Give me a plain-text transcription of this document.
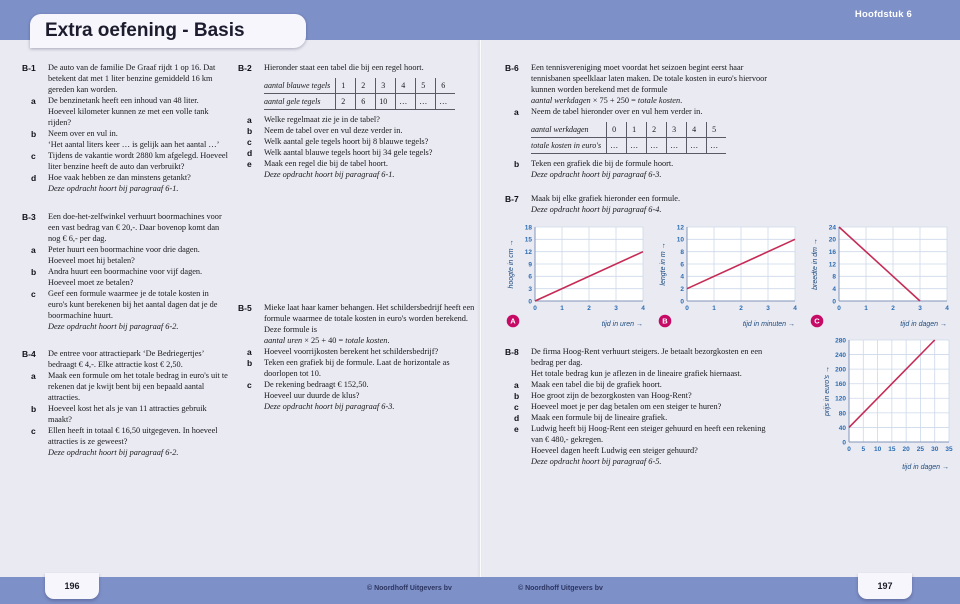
Hoofdstuk 6
Extra oefening - Basis
B-1	De auto van de familie De Graaf rijdt 1 op 16. Dat betekent dat met 1 liter benzine gemiddeld 16 km gereden kan worden.
a	De benzinetank heeft een inhoud van 48 liter. Hoeveel kilometer kunnen ze met een volle tank rijden?
b	Neem over en vul in.
‘Het aantal liters keer … is gelijk aan het aantal …’
c	Tijdens de vakantie wordt 2880 km afgelegd. Hoeveel liter benzine heeft de auto dan verbruikt?
d	Hoe vaak hebben ze dan minstens getankt?
Deze opdracht hoort bij paragraaf 6-1.
B-3	Een doe-het-zelfwinkel verhuurt boormachines voor een vast bedrag van € 20,-. Daar bovenop komt dan nog € 6,- per dag.
a	Peter huurt een boormachine voor drie dagen. Hoeveel moet hij betalen?
b	Andra huurt een boormachine voor vijf dagen. Hoeveel moet ze betalen?
c	Geef een formule waarmee je de totale kosten in euro's kunt berekenen bij het aantal dagen dat je de boormachine huurt.
Deze opdracht hoort bij paragraaf 6-2.
B-4	De entree voor attractiepark ‘De Bedriegertjes’ bedraagt € 4,-. Elke attractie kost € 2,50.
a	Maak een formule om het totale bedrag in euro's uit te rekenen dat je kwijt bent bij een bepaald aantal attracties.
b	Hoeveel kost het als je van 11 attracties gebruik maakt?
c	Ellen heeft in totaal € 16,50 uitgegeven. In hoeveel attracties is ze geweest?
Deze opdracht hoort bij paragraaf 6-2.
B-2	Hieronder staat een tabel die bij een regel hoort.
aantal blauwe tegels	1	2	3	4	5	6
aantal gele tegels	2	6	10	…	…	…
a	Welke regelmaat zie je in de tabel?
b	Neem de tabel over en vul deze verder in.
c	Welk aantal gele tegels hoort bij 8 blauwe tegels?
d	Welk aantal blauwe tegels hoort bij 34 gele tegels?
e	Maak een regel die bij de tabel hoort.
Deze opdracht hoort bij paragraaf 6-1.
B-5	Mieke laat haar kamer behangen. Het schildersbedrijf heeft een formule waarmee de totale kosten in euro's worden berekend.
Deze formule is
aantal uren × 25 + 40 = totale kosten.
a	Hoeveel voorrijkosten berekent het schildersbedrijf?
b	Teken een grafiek bij de formule. Laat de horizontale as doorlopen tot 10.
c	De rekening bedraagt € 152,50.
Hoeveel uur duurde de klus?
Deze opdracht hoort bij paragraaf 6-3.
B-6	Een tennisvereniging moet voordat het seizoen begint eerst haar tennisbanen speelklaar laten maken. De totale kosten in euro's hiervoor kunnen worden berekend met de formule
aantal werkdagen × 75 + 250 = totale kosten.
a	Neem de tabel hieronder over en vul hem verder in.
aantal werkdagen	0	1	2	3	4	5
totale kosten in euro's	…	…	…	…	…	…
b	Teken een grafiek die bij de formule hoort.
Deze opdracht hoort bij paragraaf 6-3.
B-7	Maak bij elke grafiek hieronder een formule.
Deze opdracht hoort bij paragraaf 6-4.
0	1	2	3	4
0
3
6
9
12
15
18
tijd in uren →
hoogte in cm →
A
0	1	2	3	4
0
2
4
6
8
10
12
tijd in minuten →
lengte in m →
B
0	1	2	3	4
0
4
8
12
16
20
24
tijd in dagen →
breedte in dm →
C
B-8	De firma Hoog-Rent verhuurt steigers. Je betaalt bezorgkosten en een bedrag per dag.
Het totale bedrag kun je aflezen in de lineaire grafiek hiernaast.
a	Maak een tabel die bij de grafiek hoort.
b	Hoe groot zijn de bezorgkosten van Hoog-Rent?
c	Hoeveel moet je per dag betalen om een steiger te huren?
d	Maak een formule bij de lineaire grafiek.
e	Ludwig heeft bij Hoog-Rent een steiger gehuurd en heeft een rekening van € 480,- gekregen.
Hoeveel dagen heeft Ludwig een steiger gehuurd?
Deze opdracht hoort bij paragraaf 6-5.
0 5 10 15 20 25 30 35
0
40
80
120
160
200
240
280
tijd in dagen →
prijs in euro's →
196	197
© Noordhoff Uitgevers bv	© Noordhoff Uitgevers bv
